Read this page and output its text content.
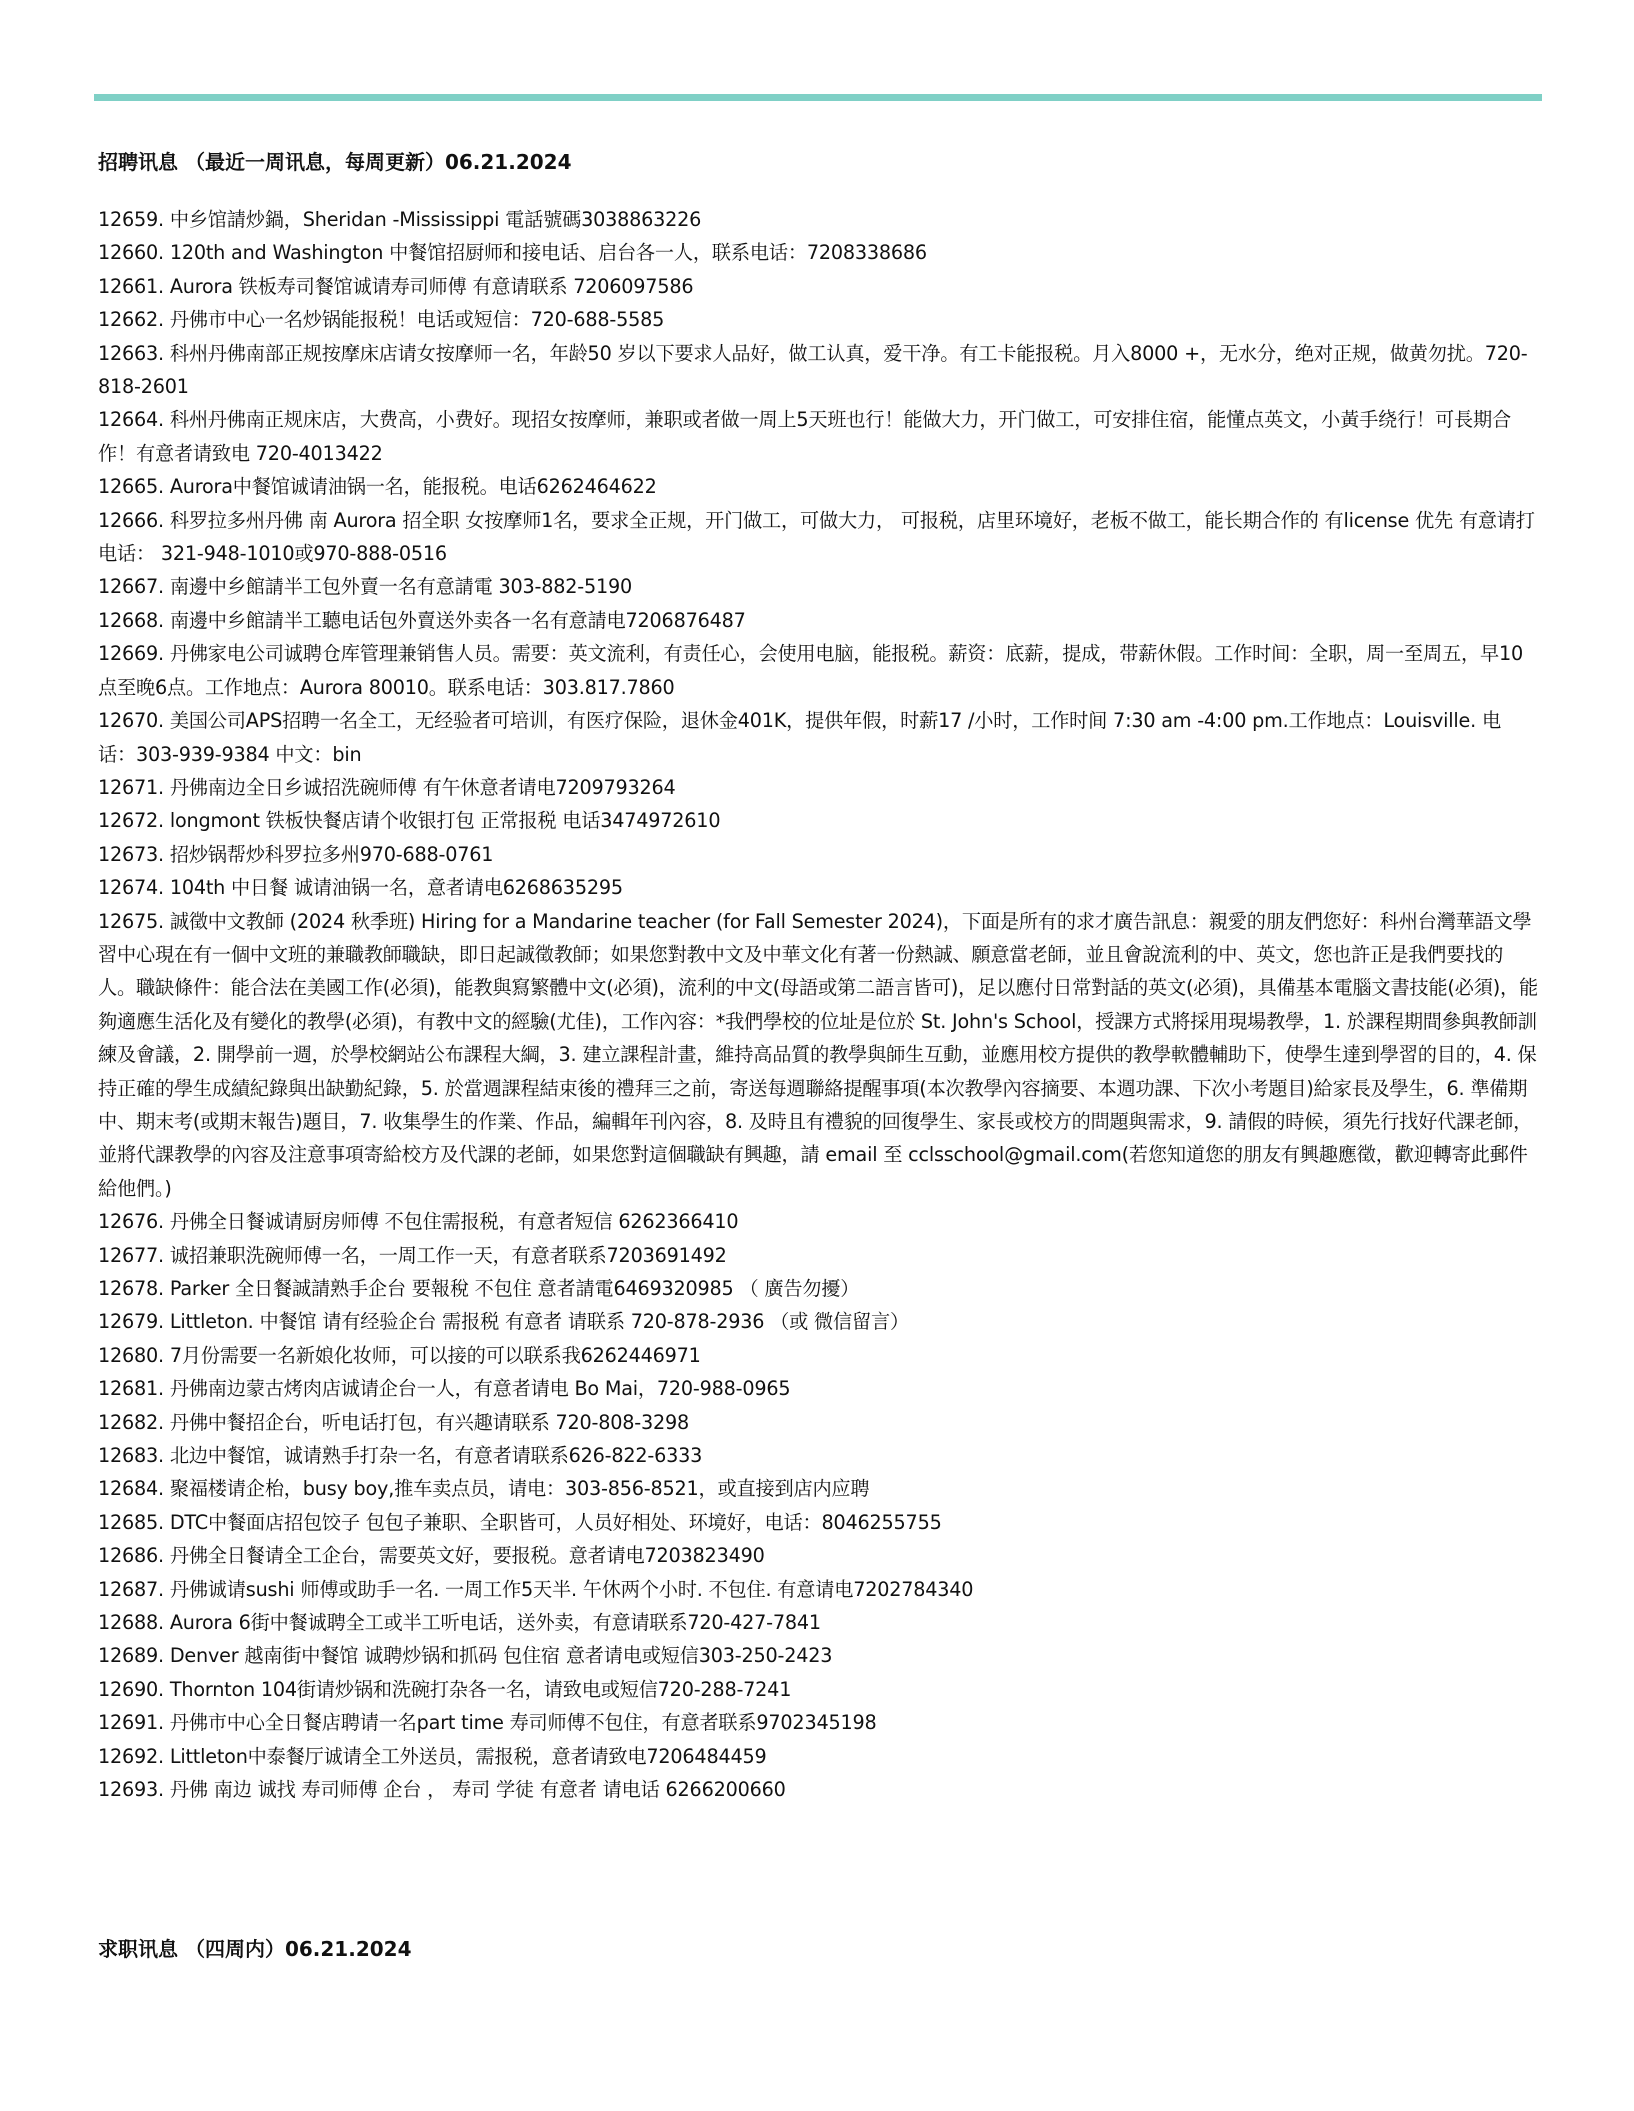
招聘讯息 （最近一周讯息，每周更新）06.21.2024
12659. 中乡馆請炒鍋，Sheridan -Mississippi 電話號碼3038863226
12660. 120th and Washington 中餐馆招厨师和接电话、启台各一人，联系电话：7208338686
12661. Aurora 铁板寿司餐馆诚请寿司师傅 有意请联系 7206097586
12662. 丹佛市中心一名炒锅能报税！电话或短信：720-688-5585
12663. 科州丹佛南部正规按摩床店请女按摩师一名，年龄50 岁以下要求人品好，做工认真，爱干净。有工卡能报税。月入8000 +，无水分，绝对正规，做黄勿扰。720-818-2601
12664. 科州丹佛南正规床店，大费高，小费好。现招女按摩师，兼职或者做一周上5天班也行！能做大力，开门做工，可安排住宿，能懂点英文，小黃手绕行！可長期合作！有意者请致电 720-4013422
12665. Aurora中餐馆诚请油锅一名，能报税。电话6262464622
12666. 科罗拉多州丹佛 南 Aurora 招全职 女按摩师1名，要求全正规，开门做工，可做大力， 可报税，店里环境好，老板不做工，能长期合作的 有license 优先 有意请打电话： 321-948-1010或970-888-0516
12667. 南邊中乡館請半工包外賣一名有意請電 303-882-5190
12668. 南邊中乡館請半工聽电话包外賣送外卖各一名有意請电7206876487
12669. 丹佛家电公司诚聘仓库管理兼销售人员。需要：英文流利，有责任心，会使用电脑，能报税。薪资：底薪，提成，带薪休假。工作时间：全职，周一至周五，早10点至晚6点。工作地点：Aurora 80010。联系电话：303.817.7860
12670. 美国公司APS招聘一名全工，无经验者可培训，有医疗保险，退休金401K，提供年假，时薪17 /小时，工作时间 7:30 am -4:00 pm.工作地点：Louisville. 电话：303-939-9384 中文：bin
12671. 丹佛南边全日乡诚招洗碗师傅 有午休意者请电7209793264
12672. longmont 铁板快餐店请个收银打包 正常报税 电话3474972610
12673. 招炒锅帮炒科罗拉多州970-688-0761
12674. 104th 中日餐 诚请油锅一名，意者请电6268635295
12675. 誠徵中文教師 (2024 秋季班) Hiring for a Mandarine teacher (for Fall Semester 2024)，下面是所有的求才廣告訊息：親愛的朋友們您好：科州台灣華語文學習中心現在有一個中文班的兼職教師職缺，即日起誠徵教師；如果您對教中文及中華文化有著一份熱誠、願意當老師，並且會說流利的中、英文，您也許正是我們要找的人。職缺條件：能合法在美國工作(必須)，能教與寫繁體中文(必須)，流利的中文(母語或第二語言皆可)，足以應付日常對話的英文(必須)，具備基本電腦文書技能(必須)，能夠適應生活化及有變化的教學(必須)，有教中文的經驗(尤佳)，工作內容：*我們學校的位址是位於 St. John's School，授課方式將採用現場教學，1. 於課程期間參與教師訓練及會議，2. 開學前一週，於學校網站公布課程大綱，3. 建立課程計畫，維持高品質的教學與師生互動，並應用校方提供的教學軟體輔助下，使學生達到學習的目的，4. 保持正確的學生成績紀錄與出缺勤紀錄，5. 於當週課程結束後的禮拜三之前，寄送每週聯絡提醒事項(本次教學內容摘要、本週功課、下次小考題目)給家長及學生，6. 準備期中、期末考(或期末報告)題目，7. 收集學生的作業、作品，編輯年刊內容，8. 及時且有禮貌的回復學生、家長或校方的問題與需求，9. 請假的時候，須先行找好代課老師，並將代課教學的內容及注意事項寄給校方及代課的老師，如果您對這個職缺有興趣，請 email 至 cclsschool@gmail.com(若您知道您的朋友有興趣應徵，歡迎轉寄此郵件給他們。)
12676. 丹佛全日餐诚请厨房师傅 不包住需报税，有意者短信 6262366410
12677. 诚招兼职洗碗师傅一名，一周工作一天，有意者联系7203691492
12678. Parker 全日餐誠請熟手企台 要報稅 不包住 意者請電6469320985 （ 廣告勿擾）
12679. Littleton. 中餐馆 请有经验企台 需报税 有意者 请联系 720-878-2936 （或 微信留言）
12680. 7月份需要一名新娘化妆师，可以接的可以联系我6262446971
12681. 丹佛南边蒙古烤肉店诚请企台一人，有意者请电 Bo Mai，720-988-0965
12682. 丹佛中餐招企台，听电话打包，有兴趣请联系 720-808-3298
12683. 北边中餐馆，诚请熟手打杂一名，有意者请联系626-822-6333
12684. 聚福楼请企枱，busy boy,推车卖点员，请电：303-856-8521，或直接到店内应聘
12685. DTC中餐面店招包饺子 包包子兼职、全职皆可，人员好相处、环境好，电话：8046255755
12686. 丹佛全日餐请全工企台，需要英文好，要报税。意者请电7203823490
12687. 丹佛诚请sushi 师傅或助手一名. 一周工作5天半. 午休两个小时. 不包住. 有意请电7202784340
12688. Aurora 6街中餐诚聘全工或半工听电话，送外卖，有意请联系720-427-7841
12689. Denver 越南街中餐馆 诚聘炒锅和抓码 包住宿 意者请电或短信303-250-2423
12690. Thornton 104街请炒锅和洗碗打杂各一名，请致电或短信720-288-7241
12691. 丹佛市中心全日餐店聘请一名part time 寿司师傅不包住，有意者联系9702345198
12692. Littleton中泰餐厅诚请全工外送员，需报税，意者请致电7206484459
12693. 丹佛 南边 诚找 寿司师傅 企台 ， 寿司 学徒 有意者 请电话 6266200660
求职讯息 （四周内）06.21.2024
